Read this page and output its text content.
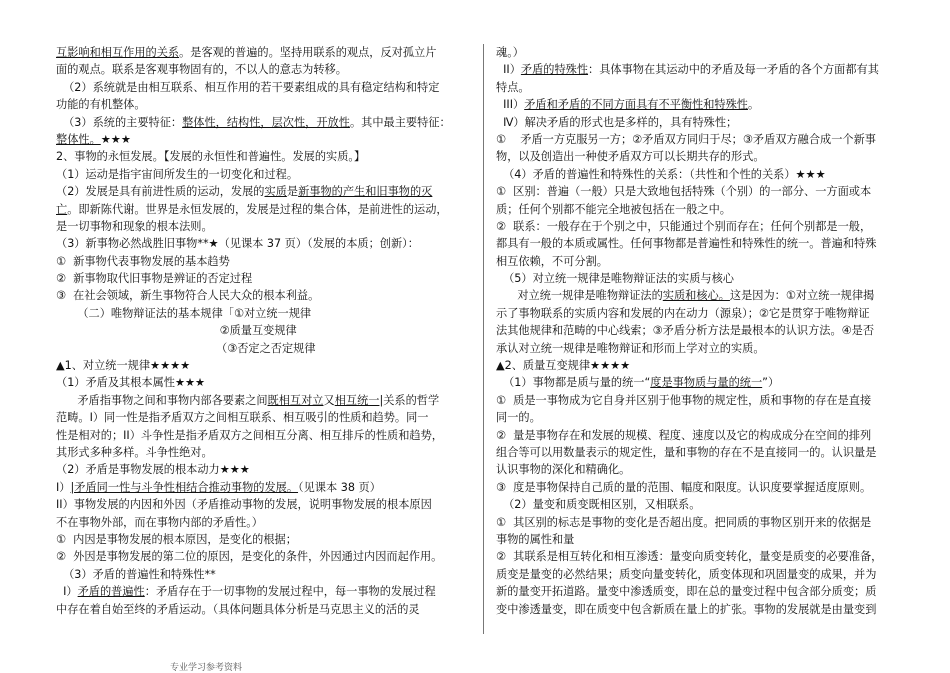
互影响和相互作用的关系。是客观的普遍的。坚持用联系的观点，反对孤立片
面的观点。联系是客观事物固有的，不以人的意志为转移。
（2）系统就是由相互联系、相互作用的若干要素组成的具有稳定结构和特定
功能的有机整体。
（3）系统的主要特征：整体性，结构性，层次性，开放性。其中最主要特征：
整体性。★★★
2、事物的永恒发展。【发展的永恒性和普遍性。发展的实质。】
（1）运动是指宇宙间所发生的一切变化和过程。
（2）发展是具有前进性质的运动，发展的实质是新事物的产生和旧事物的灭
亡。即新陈代谢。世界是永恒发展的，发展是过程的集合体，是前进性的运动，
是一切事物和现象的根本法则。
（3）新事物必然战胜旧事物**★（见课本 37 页）（发展的本质；创新）：
①  新事物代表事物发展的基本趋势
②  新事物取代旧事物是辨证的否定过程
③  在社会领域，新生事物符合人民大众的根本利益。
（二）唯物辩证法的基本规律「①对立统一规律
②质量互变规律
（③否定之否定规律
▲1、对立统一规律★★★★
（1）矛盾及其根本属性★★★
矛盾指事物之间和事物内部各要素之间既相互对立又相互统一|关系的哲学
范畴。I）同一性是指矛盾双方之间相互联系、相互吸引的性质和趋势。同一
性是相对的；II）斗争性是指矛盾双方之间相互分离、相互排斥的性质和趋势，
其形式多种多样。斗争性绝对。
（2）矛盾是事物发展的根本动力★★★
I）|矛盾同一性与斗争性相结合推动事物的发展。（见课本 38 页）
II）事物发展的内因和外因（矛盾推动事物的发展，说明事物发展的根本原因
不在事物外部，而在事物内部的矛盾性。）
①  内因是事物发展的根本原因，是变化的根据；
②  外因是事物发展的第二位的原因，是变化的条件，外因通过内因而起作用。
（3）矛盾的普遍性和特殊性**
I）矛盾的普遍性：矛盾存在于一切事物的发展过程中，每一事物的发展过程
中存在着自始至终的矛盾运动。（具体问题具体分析是马克思主义的活的灵
魂。）
II）矛盾的特殊性：具体事物在其运动中的矛盾及每一矛盾的各个方面都有其
特点。
III）矛盾和矛盾的不同方面具有不平衡性和特殊性。
Ⅳ）解决矛盾的形式也是多样的，具有特殊性；
①    矛盾一方克服另一方；②矛盾双方同归于尽；③矛盾双方融合成一个新事
物，以及创造出一种使矛盾双方可以长期共存的形式。
（4）矛盾的普遍性和特殊性的关系：（共性和个性的关系）★★★
①  区别：普遍（一般）只是大致地包括特殊（个别）的一部分、一方面或本
质；任何个别都不能完全地被包括在一般之中。
②  联系：一般存在于个别之中，只能通过个别而存在；任何个别都是一般，
都具有一般的本质或属性。任何事物都是普遍性和特殊性的统一。普遍和特殊
相互依赖，不可分割。
（5）对立统一规律是唯物辩证法的实质与核心
对立统一规律是唯物辩证法的实质和核心。这是因为：①对立统一规律揭
示了事物联系的实质内容和发展的内在动力（源泉）；②它是贯穿于唯物辩证
法其他规律和范畴的中心线索；③矛盾分析方法是最根本的认识方法。④是否
承认对立统一规律是唯物辩证和形而上学对立的实质。
▲2、质量互变规律★★★★
（1）事物都是质与量的统一“度是事物质与量的统一”）
①  质是一事物成为它自身并区别于他事物的规定性，质和事物的存在是直接
同一的。
②  量是事物存在和发展的规模、程度、速度以及它的构成成分在空间的排列
组合等可以用数量表示的规定性，量和事物的存在不是直接同一的。认识量是
认识事物的深化和精确化。
③  度是事物保持自己质的量的范围、幅度和限度。认识度要掌握适度原则。
（2）量变和质变既相区别，又相联系。
①  其区别的标志是事物的变化是否超出度。把同质的事物区别开来的依据是
事物的属性和量
②  其联系是相互转化和相互渗透：量变向质变转化，量变是质变的必要准备，
质变是量变的必然结果；质变向量变转化，质变体现和巩固量变的成果，并为
新的量变开拓道路。量变中渗透质变，即在总的量变过程中包含部分质变；质
变中渗透量变，即在质变中包含新质在量上的扩张。事物的发展就是由量变到
专业学习参考资料
